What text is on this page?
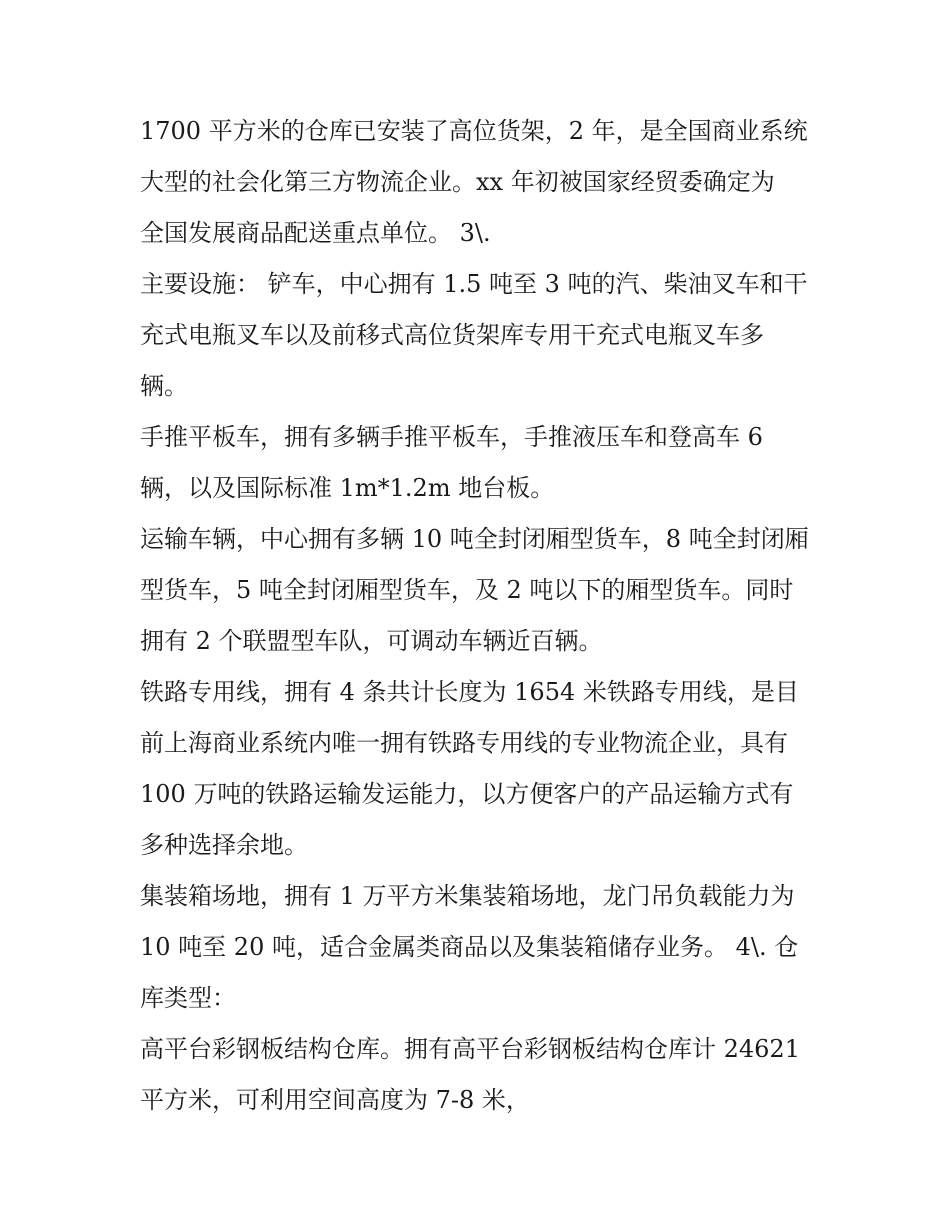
1700 平方米的仓库已安装了高位货架，2 年，是全国商业系统
大型的社会化第三方物流企业。xx 年初被国家经贸委确定为
全国发展商品配送重点单位。 3\.

主要设施： 铲车，中心拥有 1.5 吨至 3 吨的汽、柴油叉车和干
充式电瓶叉车以及前移式高位货架库专用干充式电瓶叉车多
辆。

手推平板车，拥有多辆手推平板车，手推液压车和登高车 6
辆，以及国际标准 1m*1.2m 地台板。

运输车辆，中心拥有多辆 10 吨全封闭厢型货车，8 吨全封闭厢
型货车，5 吨全封闭厢型货车，及 2 吨以下的厢型货车。同时
拥有 2 个联盟型车队，可调动车辆近百辆。

铁路专用线，拥有 4 条共计长度为 1654 米铁路专用线，是目
前上海商业系统内唯一拥有铁路专用线的专业物流企业，具有
100 万吨的铁路运输发运能力，以方便客户的产品运输方式有
多种选择余地。

集装箱场地，拥有 1 万平方米集装箱场地，龙门吊负载能力为
10 吨至 20 吨，适合金属类商品以及集装箱储存业务。 4\. 仓
库类型：

高平台彩钢板结构仓库。拥有高平台彩钢板结构仓库计 24621
平方米，可利用空间高度为 7-8 米，
